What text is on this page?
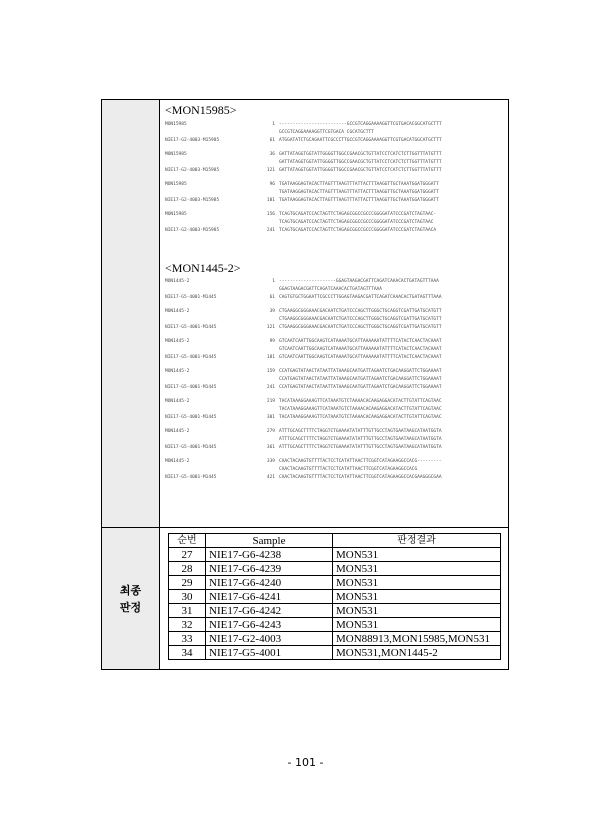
최종
판정
<MON15985>
<MON1445-2>
MON15985	1 -------------------------GCCGTCAGGAAAAGGTTCGTGACACGGCATGCTTT
GCCGTCAGGAAAAGGTTCGTGACA CGCATGCTTT
NIE17-G2-4003-M15985	61 ATGGATATCTGCAGAATTCGCCCTTGCCGTCAGGAAAAGGTTCGTGACATGGCATGCTTT
MON15985	36 GATTATAGGTGGTATTGGGGTTGGCCGAACGCTGTTATCCTCATCTCTTGGTTTATGTTT
GATTATAGGTGGTATTGGGGTTGGCCGAACGCTGTTATCCTCATCTCTTGGTTTATGTTT
NIE17-G2-4003-M15985	121 GATTATAGGTGGTATTGGGGTTGGCCGAACGCTGTTATCCTCATCTCTTGGTTTATGTTT
MON15985	96 TGATAAGGAGTACACTTAGTTTAAGTTTATTACTTTAAGGTTGCTAAATGGATGGGATT
TGATAAGGAGTACACTTAGTTTAAGTTTATTACTTTAAGGTTGCTAAATGGATGGGATT
NIE17-G2-4003-M15985	181 TGATAAGGAGTACACTTAGTTTAAGTTTATTACTTTAAGGTTGCTAAATGGATGGGATT
MON15985	156 TCAGTGCAGATCCACTAGTTCTAGAGCGGCCGCCCGGGGATATCCCGATCTAGTAAC-
TCAGTGCAGATCCACTAGTTCTAGAGCGGCCGCCCGGGGATATCCCGATCTAGTAAC
NIE17-G2-4003-M15985	241 TCAGTGCAGATCCACTAGTTCTAGAGCGGCCGCCCGGGGATATCCCGATCTAGTAACA
MON1445-2	1 ---------------------GGAGTAAGACGATTCAGATCAAACACTGATAGTTTAAA
GGAGTAAGACGATTCAGATCAAACACTGATAGTTTAAA
NIE17-G5-4001-M1445	61 CAGTGTGCTGGAATTCGCCCTTGGAGTAAGACGATTCAGATCAAACACTGATAGTTTAAA
MON1445-2	39 CTGAAGGCGGGAAACGACAATCTGATCCCAGCTTGGGCTGCAGGTCGATTGATGCATGTT
CTGAAGGCGGGAAACGACAATCTGATCCCAGCTTGGGCTGCAGGTCGATTGATGCATGTT
NIE17-G5-4001-M1445	121 CTGAAGGCGGGAAACGACAATCTGATCCCAGCTTGGGCTGCAGGTCGATTGATGCATGTT
MON1445-2	99 GTCAATCAATTGGCAAGTCATAAAATGCATTAAAAAATATTTTCATACTCAACTACAAAT
GTCAATCAATTGGCAAGTCATAAAATGCATTAAAAAATATTTTCATACTCAACTACAAAT
NIE17-G5-4001-M1445	181 GTCAATCAATTGGCAAGTCATAAAATGCATTAAAAAATATTTTCATACTCAACTACAAAT
MON1445-2	159 CCATGAGTATAACTATAATTATAAAGCAATGATTAGAATCTGACAAGGATTCTGGAAAAT
CCATGAGTATAACTATAATTATAAAGCAATGATTAGAATCTGACAAGGATTCTGGAAAAT
NIE17-G5-4001-M1445	241 CCATGAGTATAACTATAATTATAAAGCAATGATTAGAATCTGACAAGGATTCTGGAAAAT
MON1445-2	219 TACATAAAGGAAAGTTCATAAATGTCTAAAACACAAGAGGACATACTTGTATTCAGTAAC
TACATAAAGGAAAGTTCATAAATGTCTAAAACACAAGAGGACATACTTGTATTCAGTAAC
NIE17-G5-4001-M1445	301 TACATAAAGGAAAGTTCATAAATGTCTAAAACACAAGAGGACATACTTGTATTCAGTAAC
MON1445-2	279 ATTTGCAGCTTTTCTAGGTCTGAAAATATATTTGTTGCCTAGTGAATAAGCATAATGGTA
ATTTGCAGCTTTTCTAGGTCTGAAAATATATTTGTTGCCTAGTGAATAAGCATAATGGTA
NIE17-G5-4001-M1445	361 ATTTGCAGCTTTTCTAGGTCTGAAAATATATTTGTTGCCTAGTGAATAAGCATAATGGTA
MON1445-2	339 CAACTACAAGTGTTTTACTCCTCATATTAACTTCGGTCATAGAAGGCCACG---------
CAACTACAAGTGTTTTACTCCTCATATTAACTTCGGTCATAGAAGGCCACG
NIE17-G5-4001-M1445	421 CAACTACAAGTGTTTTACTCCTCATATTAACTTCGGTCATAGAAGGCCACGAAGGGCGAA
순번	Sample	판정결과
27	NIE17-G6-4238	MON531
28	NIE17-G6-4239	MON531
29	NIE17-G6-4240	MON531
30	NIE17-G6-4241	MON531
31	NIE17-G6-4242	MON531
32	NIE17-G6-4243	MON531
33	NIE17-G2-4003	MON88913,MON15985,MON531
34	NIE17-G5-4001	MON531,MON1445-2
- 101 -
